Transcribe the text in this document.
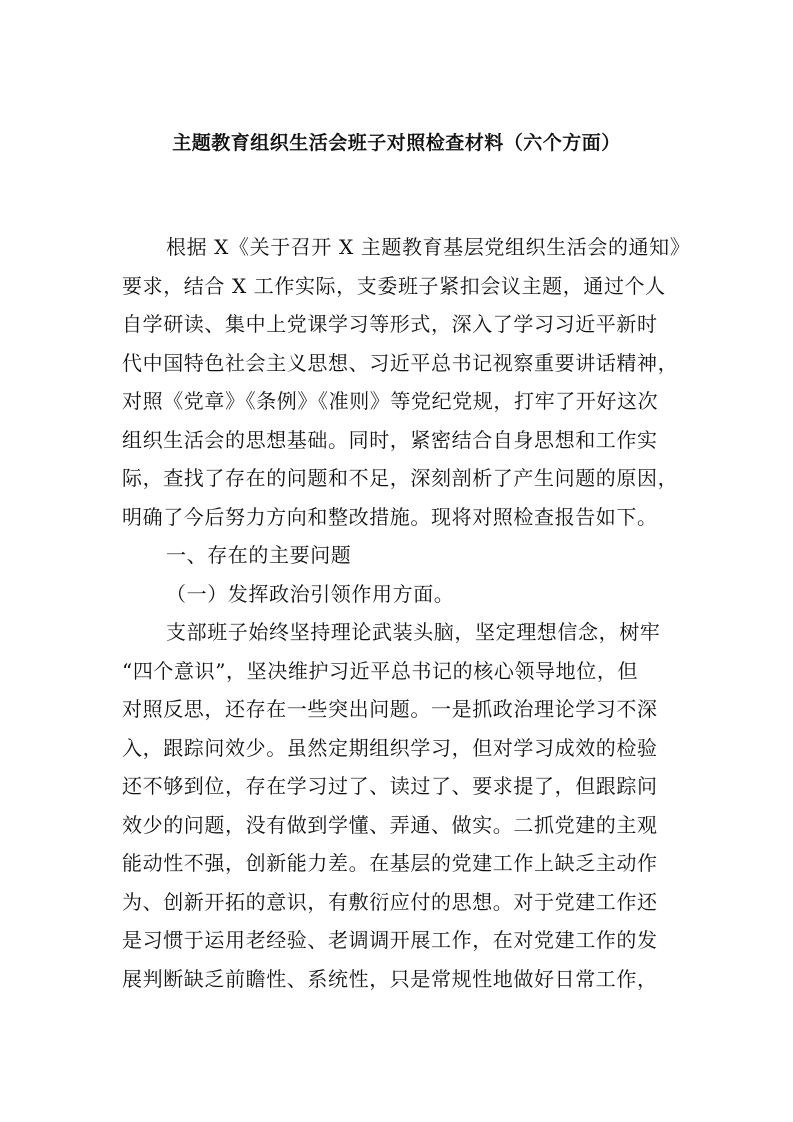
主题教育组织生活会班子对照检查材料（六个方面）
根据 X《关于召开 X 主题教育基层党组织生活会的通知》
要求，结合 X 工作实际，支委班子紧扣会议主题，通过个人
自学研读、集中上党课学习等形式，深入了学习习近平新时
代中国特色社会主义思想、习近平总书记视察重要讲话精神，
对照《党章》《条例》《准则》等党纪党规，打牢了开好这次
组织生活会的思想基础。同时，紧密结合自身思想和工作实
际，查找了存在的问题和不足，深刻剖析了产生问题的原因，
明确了今后努力方向和整改措施。现将对照检查报告如下。
一、存在的主要问题
（一）发挥政治引领作用方面。
支部班子始终坚持理论武装头脑，坚定理想信念，树牢
“四个意识”，坚决维护习近平总书记的核心领导地位，但
对照反思，还存在一些突出问题。一是抓政治理论学习不深
入，跟踪问效少。虽然定期组织学习，但对学习成效的检验
还不够到位，存在学习过了、读过了、要求提了，但跟踪问
效少的问题，没有做到学懂、弄通、做实。二抓党建的主观
能动性不强，创新能力差。在基层的党建工作上缺乏主动作
为、创新开拓的意识，有敷衍应付的思想。对于党建工作还
是习惯于运用老经验、老调调开展工作，在对党建工作的发
展判断缺乏前瞻性、系统性，只是常规性地做好日常工作，
